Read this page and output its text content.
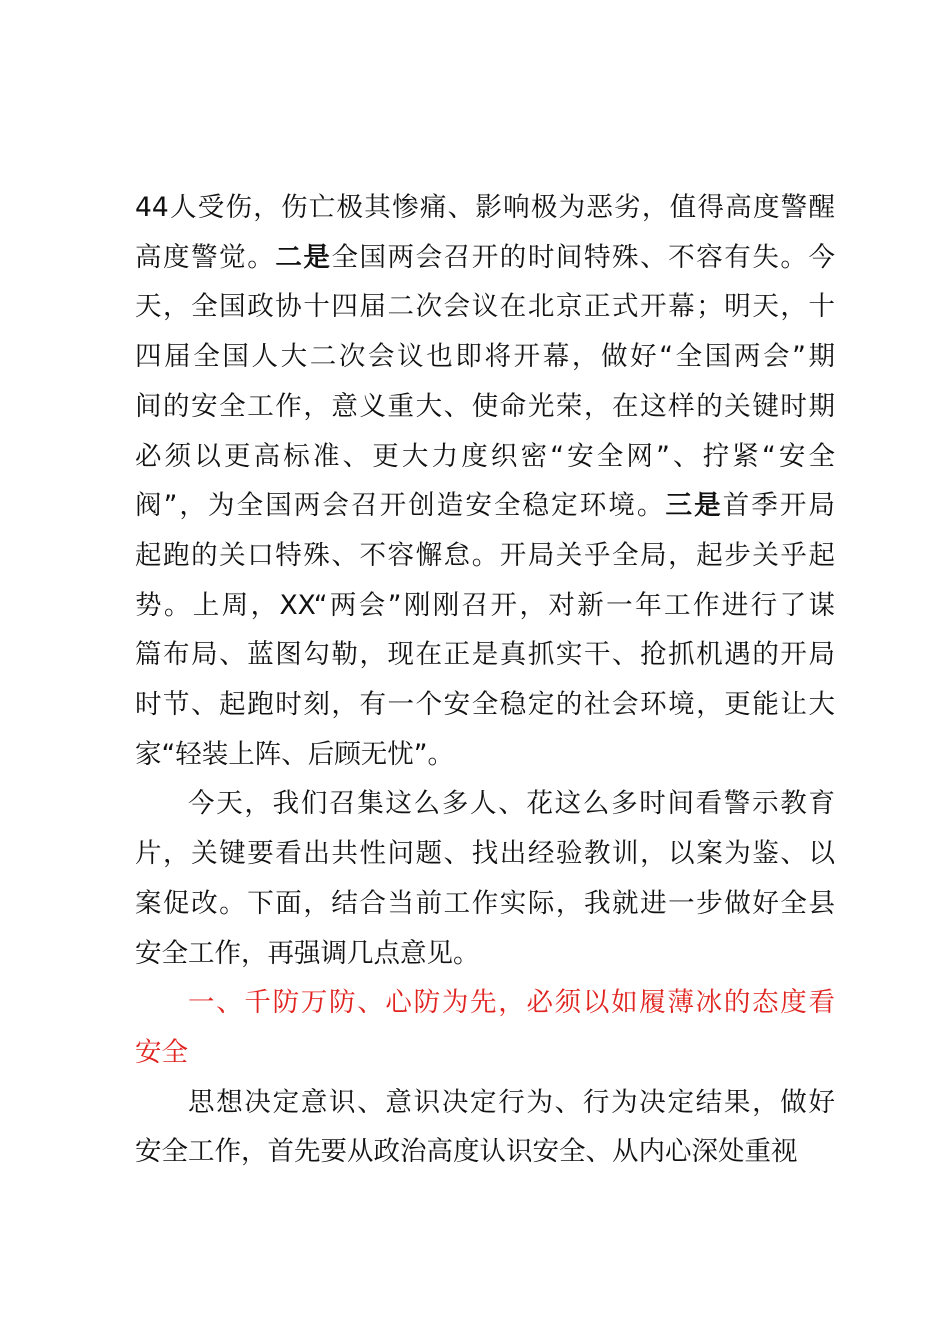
44人受伤，伤亡极其惨痛、影响极为恶劣，值得高度警醒
高度警觉。二是全国两会召开的时间特殊、不容有失。今
天，全国政协十四届二次会议在北京正式开幕；明天，十
四届全国人大二次会议也即将开幕，做好“全国两会”期
间的安全工作，意义重大、使命光荣，在这样的关键时期
必须以更高标准、更大力度织密“安全网”、拧紧“安全
阀”，为全国两会召开创造安全稳定环境。三是首季开局
起跑的关口特殊、不容懈怠。开局关乎全局，起步关乎起
势。上周，XX“两会”刚刚召开，对新一年工作进行了谋
篇布局、蓝图勾勒，现在正是真抓实干、抢抓机遇的开局
时节、起跑时刻，有一个安全稳定的社会环境，更能让大
家“轻装上阵、后顾无忧”。
今天，我们召集这么多人、花这么多时间看警示教育
片，关键要看出共性问题、找出经验教训，以案为鉴、以
案促改。下面，结合当前工作实际，我就进一步做好全县
安全工作，再强调几点意见。
一、千防万防、心防为先，必须以如履薄冰的态度看
安全
思想决定意识、意识决定行为、行为决定结果，做好
安全工作，首先要从政治高度认识安全、从内心深处重视
